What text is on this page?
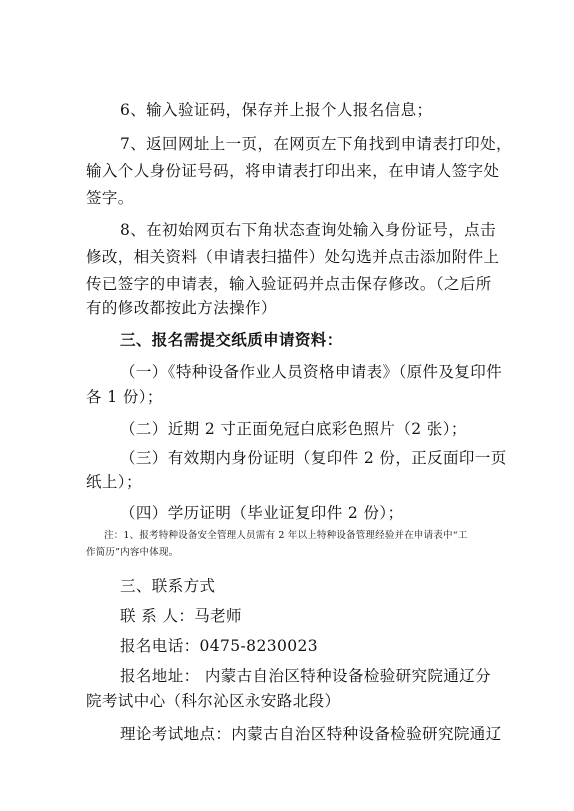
6、输入验证码，保存并上报个人报名信息；

7、返回网址上一页，在网页左下角找到申请表打印处，

输入个人身份证号码，将申请表打印出来，在申请人签字处

签字。

8、在初始网页右下角状态查询处输入身份证号，点击

修改，相关资料（申请表扫描件）处勾选并点击添加附件上

传已签字的申请表，输入验证码并点击保存修改。（之后所

有的修改都按此方法操作）

三、报名需提交纸质申请资料：

（一）《特种设备作业人员资格申请表》（原件及复印件

各 1 份）；

（二）近期 2 寸正面免冠白底彩色照片（2 张）；

（三）有效期内身份证明（复印件 2 份，正反面印一页

纸上）；

（四）学历证明（毕业证复印件 2 份）；

注：1、报考特种设备安全管理人员需有 2 年以上特种设备管理经验并在申请表中“工

作简历”内容中体现。

三、联系方式

联 系 人：马老师

报名电话：0475-8230023

报名地址： 内蒙古自治区特种设备检验研究院通辽分

院考试中心（科尔沁区永安路北段）

理论考试地点：内蒙古自治区特种设备检验研究院通辽
